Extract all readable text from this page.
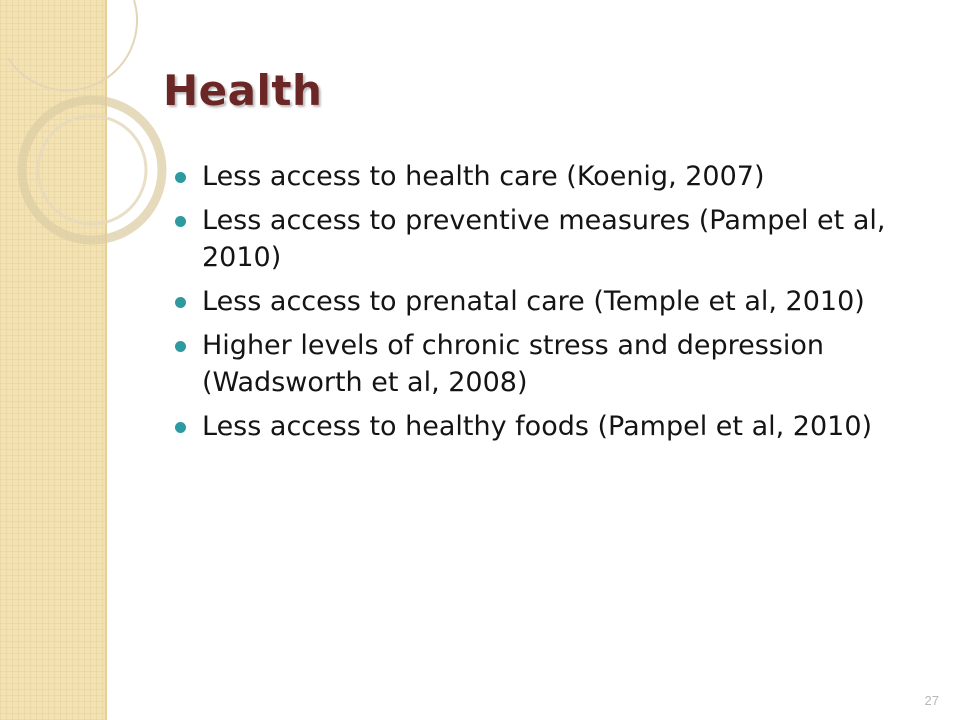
Health
Less access to health care (Koenig, 2007)
Less access to preventive measures (Pampel et al, 2010)
Less access to prenatal care (Temple et al, 2010)
Higher levels of chronic stress and depression (Wadsworth et al, 2008)
Less access to healthy foods (Pampel et al, 2010)
27
